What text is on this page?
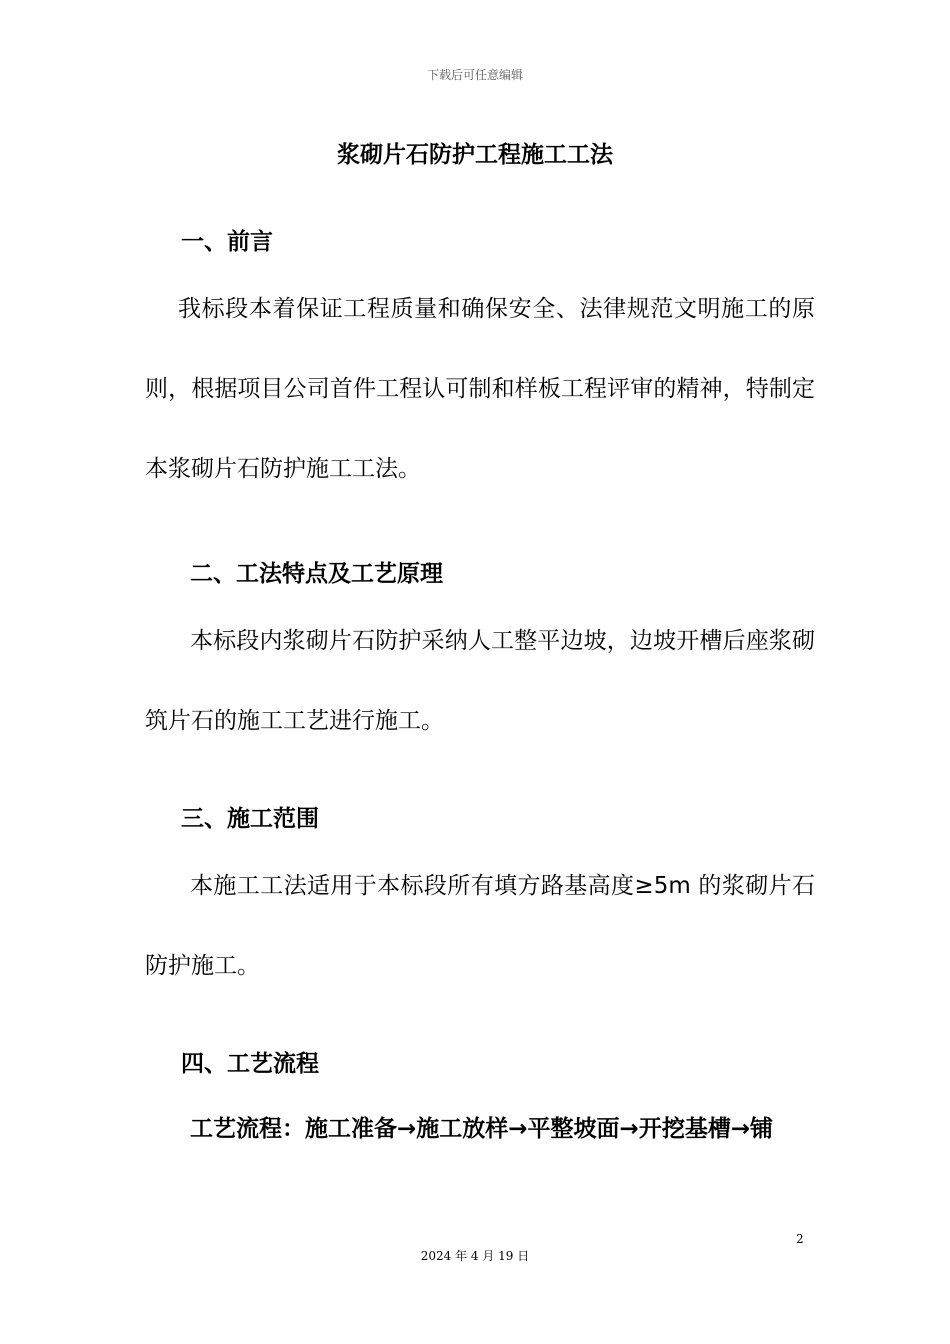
下载后可任意编辑
浆砌片石防护工程施工工法
一、前言
我标段本着保证工程质量和确保安全、法律规范文明施工的原则，根据项目公司首件工程认可制和样板工程评审的精神，特制定本浆砌片石防护施工工法。
二、工法特点及工艺原理
本标段内浆砌片石防护采纳人工整平边坡，边坡开槽后座浆砌筑片石的施工工艺进行施工。
三、施工范围
本施工工法适用于本标段所有填方路基高度≥5m 的浆砌片石防护施工。
四、工艺流程
工艺流程：施工准备→施工放样→平整坡面→开挖基槽→铺
2
2024 年 4 月 19 日
